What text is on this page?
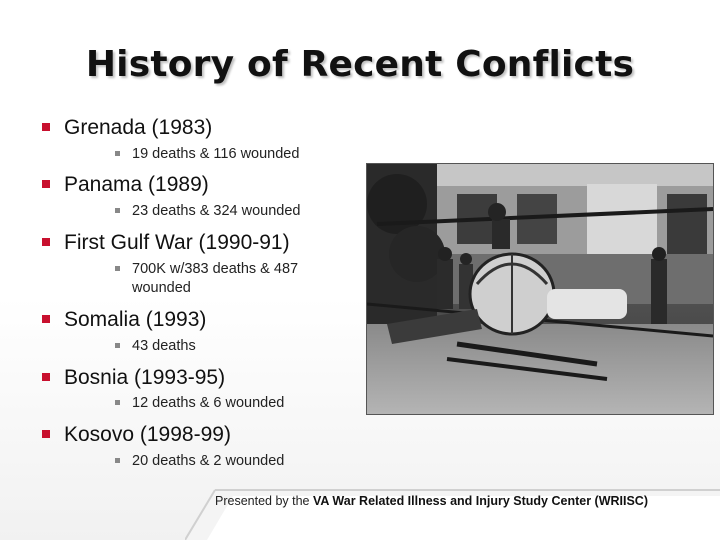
History of Recent Conflicts
Grenada (1983)
19 deaths & 116 wounded
Panama (1989)
23 deaths & 324 wounded
First Gulf War (1990-91)
700K w/383 deaths & 487
wounded
Somalia (1993)
43 deaths
Bosnia (1993-95)
12 deaths & 6 wounded
Kosovo (1998-99)
20 deaths & 2 wounded
Presented by the VA War Related Illness and Injury Study Center (WRIISC)
